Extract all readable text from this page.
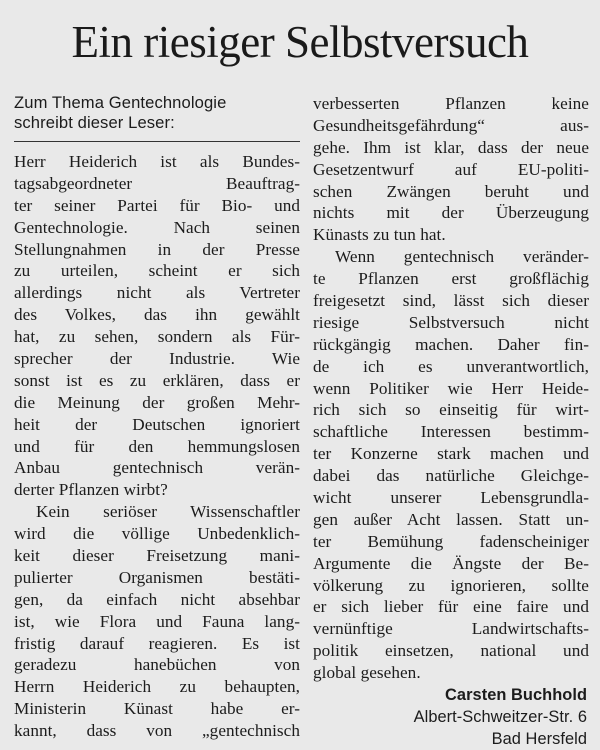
Ein riesiger Selbstversuch
Zum Thema Gentechnologie
schreibt dieser Leser:
Herr Heiderich ist als Bundes-
tagsabgeordneter Beauftrag-
ter seiner Partei für Bio- und
Gentechnologie. Nach seinen
Stellungnahmen in der Presse
zu urteilen, scheint er sich
allerdings nicht als Vertreter
des Volkes, das ihn gewählt
hat, zu sehen, sondern als Für-
sprecher der Industrie. Wie
sonst ist es zu erklären, dass er
die Meinung der großen Mehr-
heit der Deutschen ignoriert
und für den hemmungslosen
Anbau gentechnisch verän-
derter Pflanzen wirbt?
Kein seriöser Wissenschaftler
wird die völlige Unbedenklich-
keit dieser Freisetzung mani-
pulierter Organismen bestäti-
gen, da einfach nicht absehbar
ist, wie Flora und Fauna lang-
fristig darauf reagieren. Es ist
geradezu hanebüchen von
Herrn Heiderich zu behaupten,
Ministerin Künast habe er-
kannt, dass von „gentechnisch
verbesserten Pflanzen keine
Gesundheitsgefährdung“ aus-
gehe. Ihm ist klar, dass der neue
Gesetzentwurf auf EU-politi-
schen Zwängen beruht und
nichts mit der Überzeugung
Künasts zu tun hat.
Wenn gentechnisch veränder-
te Pflanzen erst großflächig
freigesetzt sind, lässt sich dieser
riesige Selbstversuch nicht
rückgängig machen. Daher fin-
de ich es unverantwortlich,
wenn Politiker wie Herr Heide-
rich sich so einseitig für wirt-
schaftliche Interessen bestimm-
ter Konzerne stark machen und
dabei das natürliche Gleichge-
wicht unserer Lebensgrundla-
gen außer Acht lassen. Statt un-
ter Bemühung fadenscheiniger
Argumente die Ängste der Be-
völkerung zu ignorieren, sollte
er sich lieber für eine faire und
vernünftige Landwirtschafts-
politik einsetzen, national und
global gesehen.
Carsten Buchhold
Albert-Schweitzer-Str. 6
Bad Hersfeld
